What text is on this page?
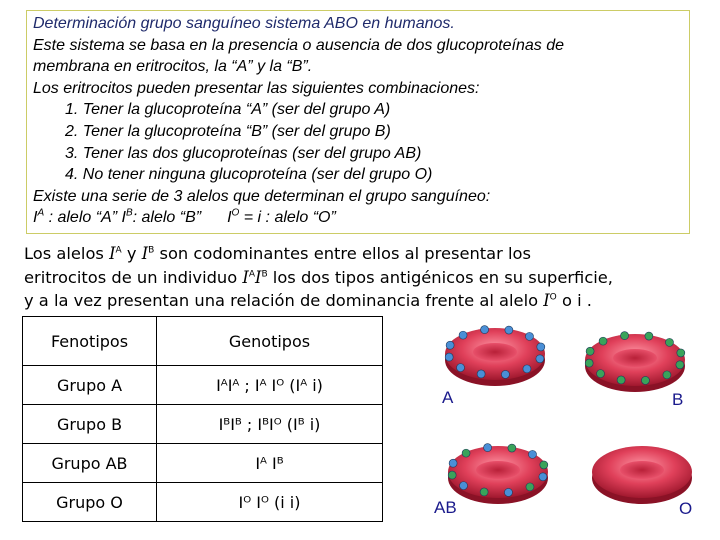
Determinación grupo sanguíneo sistema ABO en humanos.
Este sistema se basa en la presencia o ausencia de dos glucoproteínas de
membrana en eritrocitos, la “A” y la “B”.
Los eritrocitos pueden presentar las siguientes combinaciones:
1. Tener la glucoproteína “A” (ser del grupo A)
2. Tener la glucoproteína “B” (ser del grupo B)
3. Tener las dos glucoproteínas (ser del grupo AB)
4. No tener ninguna glucoproteína (ser del grupo O)
Existe una serie de 3 alelos que determinan el grupo sanguíneo:
$I^A$ : alelo “A” $I^B$: alelo “B” $I^O = i$ : alelo “O”
Los alelos $I^A$ y $I^B$ son codominantes entre ellos al presentar los
eritrocitos de un individuo $I^AI^B$ los dos tipos antigénicos en su superficie,
y a la vez presentan una relación de dominancia frente al alelo $I^O$ o i .
Fenotipos	Genotipos
Grupo A	IᴬIᴬ ; Iᴬ Iᴼ (Iᴬ i)
Grupo B	IᴮIᴮ ; IᴮIᴼ (Iᴮ i)
Grupo AB	Iᴬ Iᴮ
Grupo O	Iᴼ Iᴼ (i i)
A	B
AB	O
